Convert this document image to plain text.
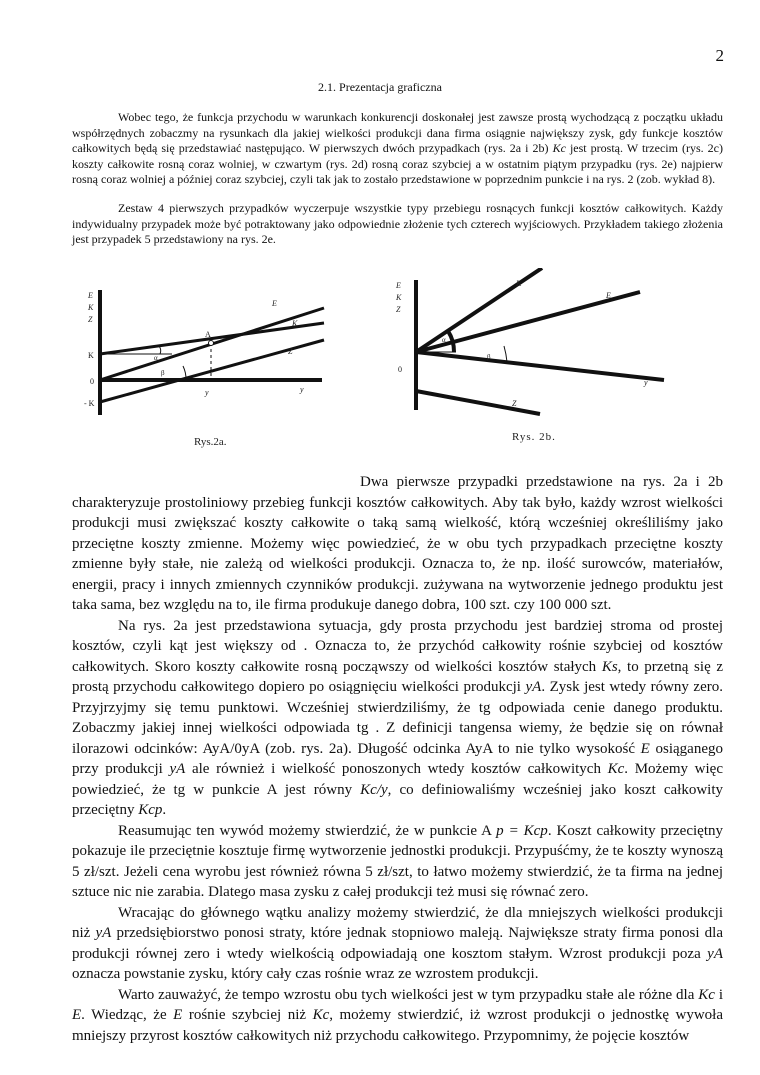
2
2.1. Prezentacja graficzna

Wobec tego, że funkcja przychodu w warunkach konkurencji doskonałej jest zawsze prostą wychodzącą z początku układu współrzędnych zobaczmy na rysunkach dla jakiej wielkości produkcji dana firma osiągnie największy zysk, gdy funkcje kosztów całkowitych będą się przedstawiać następująco. W pierwszych dwóch przypadkach (rys. 2a i 2b) Kc jest prostą. W trzecim (rys. 2c) koszty całkowite rosną coraz wolniej, w czwartym (rys. 2d) rosną coraz szybciej a w ostatnim piątym przypadku (rys. 2e) najpierw rosną coraz wolniej a później coraz szybciej, czyli tak jak to zostało przedstawione w poprzednim punkcie i na rys. 2 (zob. wykład 8).

Zestaw 4 pierwszych przypadków wyczerpuje wszystkie typy przebiegu rosnących funkcji kosztów całkowitych. Każdy indywidualny przypadek może być potraktowany jako odpowiednie złożenie tych czterech wyjściowych. Przykładem takiego złożenia jest przypadek 5 przedstawiony na rys. 2e.

E
K
Z
K
0
- K
E
K
Z
A
α
β
y	y
Rys.2a.
E
K
Z
0
K
E
Z
α
β
y
Rys. 2b.

Dwa pierwsze przypadki przedstawione na rys. 2a i 2b charakteryzuje prostoliniowy przebieg funkcji kosztów całkowitych. Aby tak było, każdy wzrost wielkości produkcji musi zwiększać koszty całkowite o taką samą wielkość, którą wcześniej określiliśmy jako przeciętne koszty zmienne. Możemy więc powiedzieć, że w obu tych przypadkach przeciętne koszty zmienne były stałe, nie zależą od wielkości produkcji. Oznacza to, że np. ilość surowców, materiałów, energii, pracy i innych zmiennych czynników produkcji. zużywana na wytworzenie jednego produktu jest taka sama, bez względu na to, ile firma produkuje danego dobra, 100 szt. czy 100 000 szt.

Na rys. 2a jest przedstawiona sytuacja, gdy prosta przychodu jest bardziej stroma od prostej kosztów, czyli kąt jest większy od . Oznacza to, że przychód całkowity rośnie szybciej od kosztów całkowitych. Skoro koszty całkowite rosną począwszy od wielkości kosztów stałych Ks, to przetną się z prostą przychodu całkowitego dopiero po osiągnięciu wielkości produkcji yA. Zysk jest wtedy równy zero. Przyjrzyjmy się temu punktowi. Wcześniej stwierdziliśmy, że tg odpowiada cenie danego produktu. Zobaczmy jakiej innej wielkości odpowiada tg . Z definicji tangensa wiemy, że będzie się on równał ilorazowi odcinków: AyA/0yA (zob. rys. 2a). Długość odcinka AyA to nie tylko wysokość E osiąganego przy produkcji yA ale również i wielkość ponoszonych wtedy kosztów całkowitych Kc. Możemy więc powiedzieć, że tg w punkcie A jest równy Kc/y, co definiowaliśmy wcześniej jako koszt całkowity przeciętny Kcp.

Reasumując ten wywód możemy stwierdzić, że w punkcie A p = Kcp. Koszt całkowity przeciętny pokazuje ile przeciętnie kosztuje firmę wytworzenie jednostki produkcji. Przypuśćmy, że te koszty wynoszą 5 zł/szt. Jeżeli cena wyrobu jest również równa 5 zł/szt, to łatwo możemy stwierdzić, że ta firma na jednej sztuce nic nie zarabia. Dlatego masa zysku z całej produkcji też musi się równać zero.

Wracając do głównego wątku analizy możemy stwierdzić, że dla mniejszych wielkości produkcji niż yA przedsiębiorstwo ponosi straty, które jednak stopniowo maleją. Największe straty firma ponosi dla produkcji równej zero i wtedy wielkością odpowiadają one kosztom stałym. Wzrost produkcji poza yA oznacza powstanie zysku, który cały czas rośnie wraz ze wzrostem produkcji.

Warto zauważyć, że tempo wzrostu obu tych wielkości jest w tym przypadku stałe ale różne dla Kc i E. Wiedząc, że E rośnie szybciej niż Kc, możemy stwierdzić, iż wzrost produkcji o jednostkę wywoła mniejszy przyrost kosztów całkowitych niż przychodu całkowitego. Przypomnimy, że pojęcie kosztów
